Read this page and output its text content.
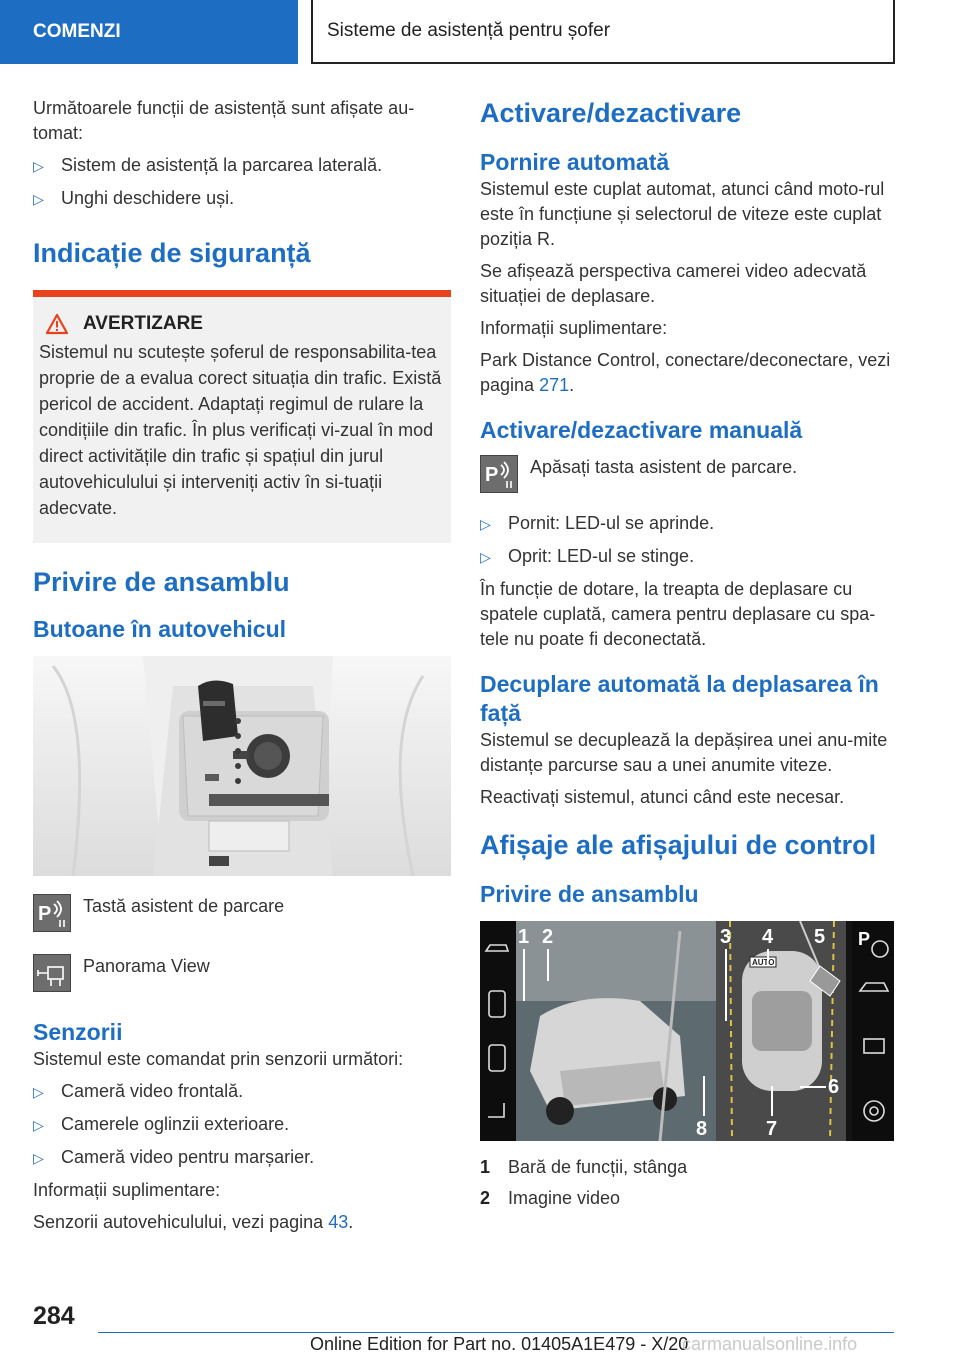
COMENZI	Sisteme de asistență pentru șofer

Următoarele funcții de asistență sunt afișate au-tomat:

▷ Sistem de asistență la parcarea laterală.
▷ Unghi deschidere uși.
Indicație de siguranță
AVERTIZARE

Sistemul nu scutește șoferul de responsabilita-tea proprie de a evalua corect situația din trafic. Există pericol de accident. Adaptați regimul de rulare la condițiile din trafic. În plus verificați vi-zual în mod direct activitățile din trafic și spațiul din jurul autovehiculului și interveniți activ în si-tuații adecvate.

Privire de ansamblu
Butoane în autovehicul
P Tastă asistent de parcare
Panorama View
Senzorii

Sistemul este comandat prin senzorii următori:

▷ Cameră video frontală.
▷ Camerele oglinzii exterioare.
▷ Cameră video pentru marșarier.

Informații suplimentare:

Senzorii autovehiculului, vezi pagina 43.

Activare/dezactivare
Pornire automată

Sistemul este cuplat automat, atunci când moto-rul este în funcțiune și selectorul de viteze este cuplat poziția R.

Se afișează perspectiva camerei video adecvată situației de deplasare.

Informații suplimentare:

Park Distance Control, conectare/deconectare, vezi pagina 271.

Activare/dezactivare manuală
P Apăsați tasta asistent de parcare.
▷ Pornit: LED-ul se aprinde.
▷ Oprit: LED-ul se stinge.

În funcție de dotare, la treapta de deplasare cu spatele cuplată, camera pentru deplasare cu spa-tele nu poate fi deconectată.

Decuplare automată la deplasarea în față

Sistemul se decuplează la depășirea unei anu-mite distanțe parcurse sau a unei anumite viteze.

Reactivați sistemul, atunci când este necesar.

Afișaje ale afișajului de control
Privire de ansamblu
AUTO
P
1 2	3 4 5
6
7
8
1 Bară de funcții, stânga
2 Imagine video
284
Online Edition for Part no. 01405A1E479 - X/20
carmanualsonline.info
